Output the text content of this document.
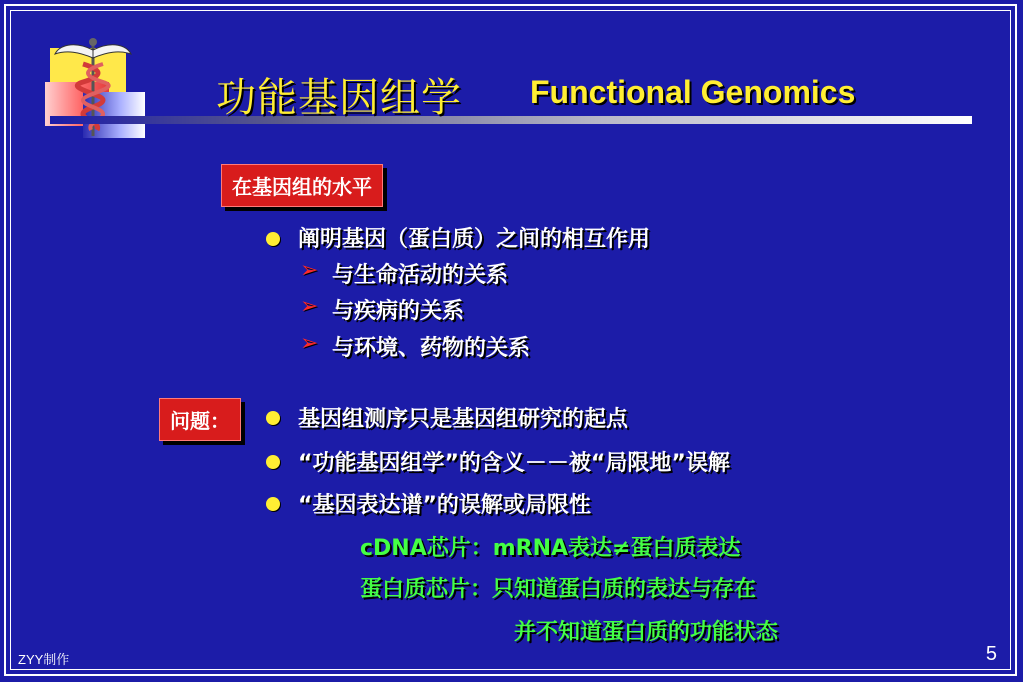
功能基因组学 Functional Genomics
在基因组的水平
阐明基因（蛋白质）之间的相互作用
➢ 与生命活动的关系
➢ 与疾病的关系
➢ 与环境、药物的关系
问题：	基因组测序只是基因组研究的起点
“功能基因组学”的含义－－被“局限地”误解
“基因表达谱”的误解或局限性
cDNA芯片：mRNA表达≠蛋白质表达
蛋白质芯片：只知道蛋白质的表达与存在
并不知道蛋白质的功能状态
ZYY制作	5
